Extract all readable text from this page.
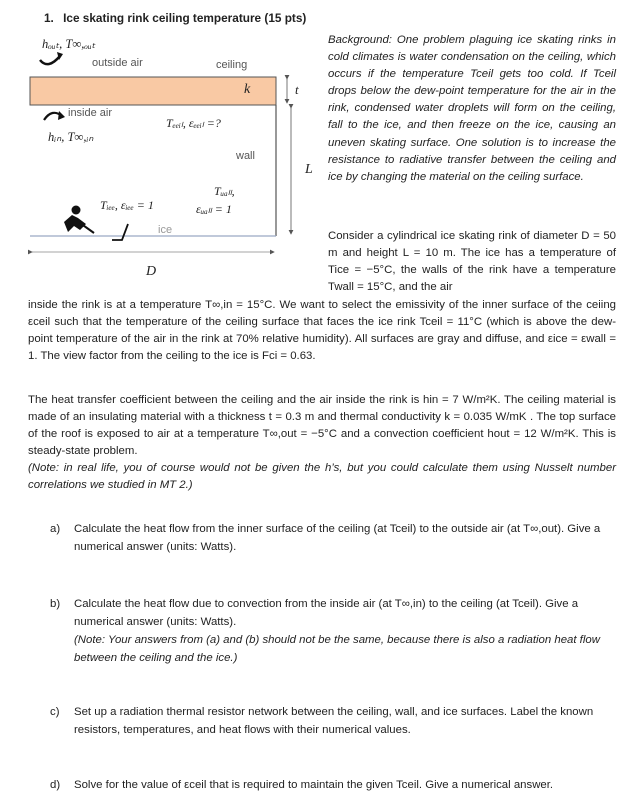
1. Ice skating rink ceiling temperature (15 pts)
hₒᵤₜ, T∞,ₒᵤₜ
outside air	ceiling
k	t
inside air
hᵢₙ, T∞,ᵢₙ
Tₑₑᵢₗ, εₑₑᵢₗ =?
wall
L
Tᵤₐₗₗ,
εᵤₐₗₗ = 1
Tᵢₑₑ, εᵢₑₑ = 1
ice
D
Background: One problem plaguing ice skating rinks in cold climates is water condensation on the ceiling, which occurs if the temperature Tceil gets too cold. If Tceil drops below the dew-point temperature for the air in the rink, condensed water droplets will form on the ceiling, fall to the ice, and then freeze on the ice, causing an uneven skating surface. One solution is to increase the resistance to radiative transfer between the ceiling and ice by changing the material on the ceiling surface.
Consider a cylindrical ice skating rink of diameter D = 50 m and height L = 10 m. The ice has a temperature of Tice = −5°C, the walls of the rink have a temperature Twall = 15°C, and the air
inside the rink is at a temperature T∞,in = 15°C. We want to select the emissivity of the inner surface of the ceiing εceil such that the temperature of the ceiling surface that faces the ice rink Tceil = 11°C (which is above the dew-point temperature of the air in the rink at 70% relative humidity). All surfaces are gray and diffuse, and εice = εwall = 1. The view factor from the ceiling to the ice is Fci = 0.63.
The heat transfer coefficient between the ceiling and the air inside the rink is hin = 7 W/m²K. The ceiling material is made of an insulating material with a thickness t = 0.3 m and thermal conductivity k = 0.035 W/mK . The top surface of the roof is exposed to air at a temperature T∞,out = −5°C and a convection coefficient hout = 12 W/m²K. This is steady-state problem.
(Note: in real life, you of course would not be given the h’s, but you could calculate them using Nusselt number correlations we studied in MT 2.)
a) Calculate the heat flow from the inner surface of the ceiling (at Tceil) to the outside air (at T∞,out). Give a numerical answer (units: Watts).
b) Calculate the heat flow due to convection from the inside air (at T∞,in) to the ceiling (at Tceil). Give a numerical answer (units: Watts).
(Note: Your answers from (a) and (b) should not be the same, because there is also a radiation heat flow between the ceiling and the ice.)
c) Set up a radiation thermal resistor network between the ceiling, wall, and ice surfaces. Label the known resistors, temperatures, and heat flows with their numerical values.
d) Solve for the value of εceil that is required to maintain the given Tceil. Give a numerical answer.
